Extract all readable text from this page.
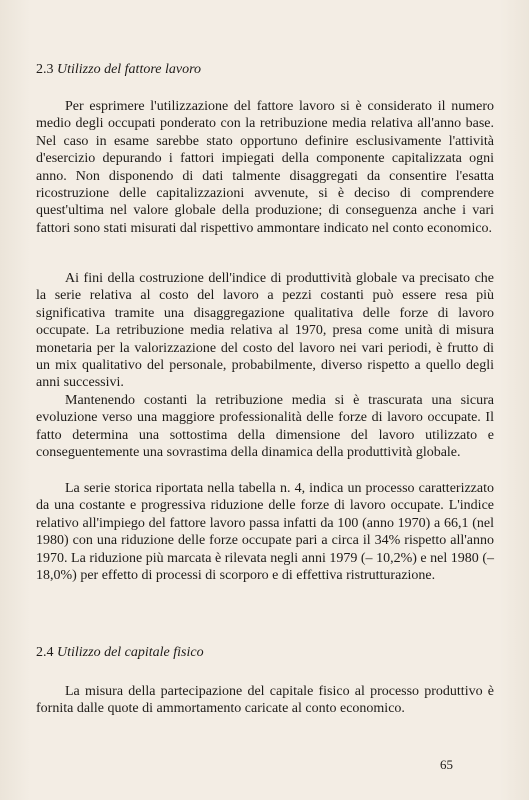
2.3 Utilizzo del fattore lavoro

Per esprimere l'utilizzazione del fattore lavoro si è considerato il numero medio degli occupati ponderato con la retribuzione media relativa all'anno base. Nel caso in esame sarebbe stato opportuno definire esclusivamente l'attività d'esercizio depurando i fattori impiegati della componente capitalizzata ogni anno. Non disponendo di dati talmente disaggregati da consentire l'esatta ricostruzione delle capitalizzazioni avvenute, si è deciso di comprendere quest'ultima nel valore globale della produzione; di conseguenza anche i vari fattori sono stati misurati dal rispettivo ammontare indicato nel conto economico.

Ai fini della costruzione dell'indice di produttività globale va precisato che la serie relativa al costo del lavoro a pezzi costanti può essere resa più significativa tramite una disaggregazione qualitativa delle forze di lavoro occupate. La retribuzione media relativa al 1970, presa come unità di misura monetaria per la valorizzazione del costo del lavoro nei vari periodi, è frutto di un mix qualitativo del personale, probabilmente, diverso rispetto a quello degli anni successivi.

Mantenendo costanti la retribuzione media si è trascurata una sicura evoluzione verso una maggiore professionalità delle forze di lavoro occupate. Il fatto determina una sottostima della dimensione del lavoro utilizzato e conseguentemente una sovrastima della dinamica della produttività globale.

La serie storica riportata nella tabella n. 4, indica un processo caratterizzato da una costante e progressiva riduzione delle forze di lavoro occupate. L'indice relativo all'impiego del fattore lavoro passa infatti da 100 (anno 1970) a 66,1 (nel 1980) con una riduzione delle forze occupate pari a circa il 34% rispetto all'anno 1970. La riduzione più marcata è rilevata negli anni 1979 (– 10,2%) e nel 1980 (– 18,0%) per effetto di processi di scorporo e di effettiva ristrutturazione.

2.4 Utilizzo del capitale fisico

La misura della partecipazione del capitale fisico al processo produttivo è fornita dalle quote di ammortamento caricate al conto economico.

65
